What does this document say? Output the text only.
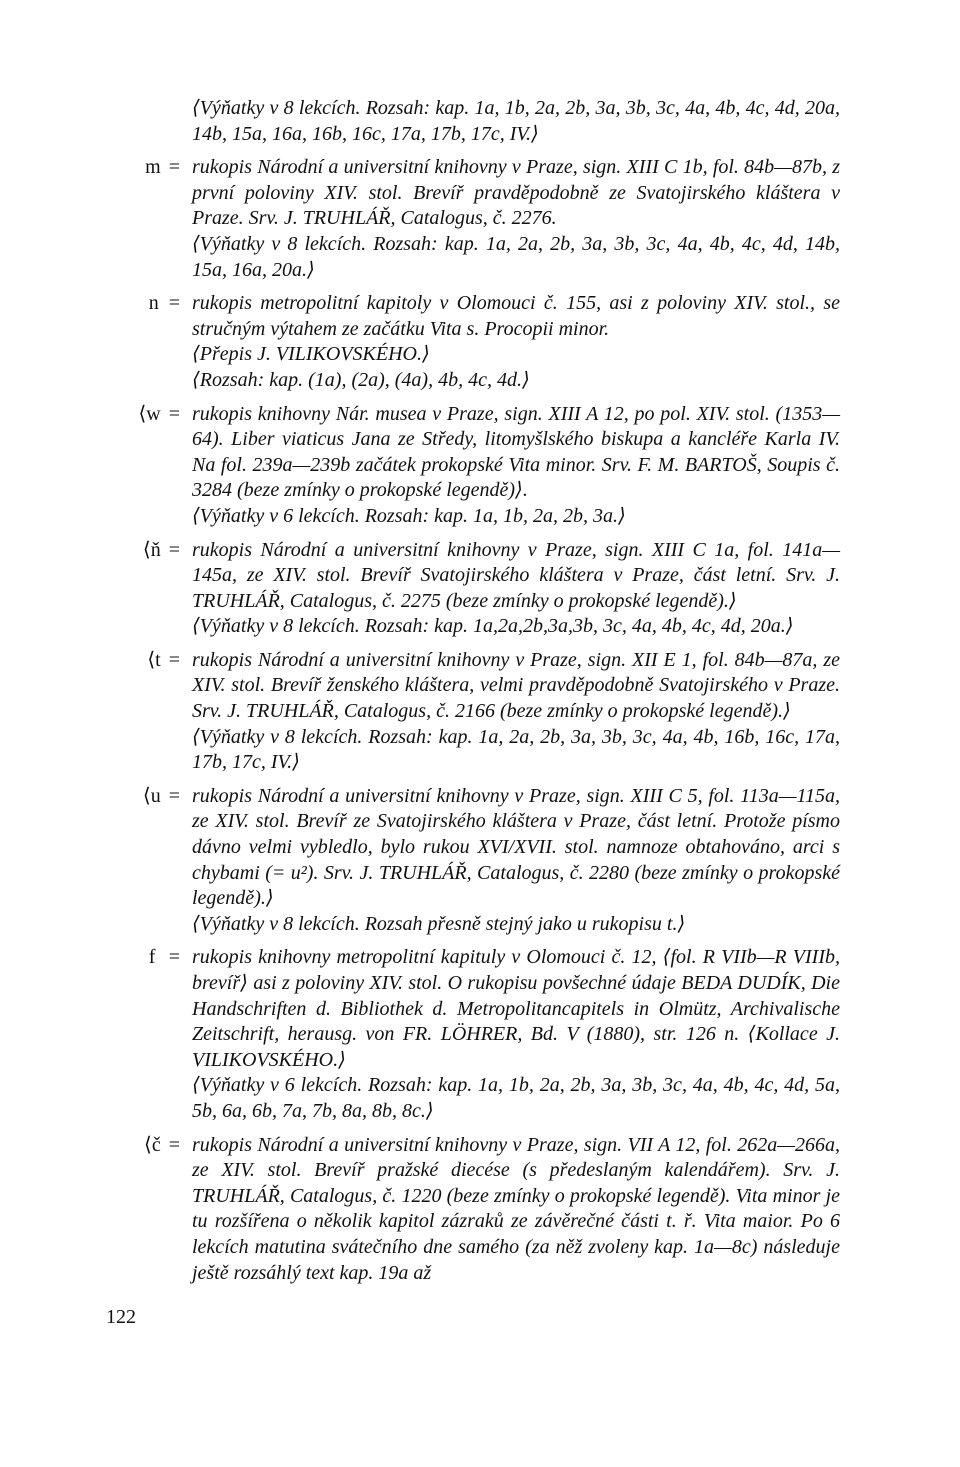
⟨Výňatky v 8 lekcích. Rozsah: kap. 1a, 1b, 2a, 2b, 3a, 3b, 3c, 4a, 4b, 4c, 4d, 20a, 14b, 15a, 16a, 16b, 16c, 17a, 17b, 17c, IV.⟩

m = rukopis Národní a universitní knihovny v Praze, sign. XIII C 1b, fol. 84b—87b, z první poloviny XIV. stol. Brevíř pravděpodobně ze Svatojirského kláštera v Praze. Srv. J. TRUHLÁŘ, Catalogus, č. 2276.

⟨Výňatky v 8 lekcích. Rozsah: kap. 1a, 2a, 2b, 3a, 3b, 3c, 4a, 4b, 4c, 4d, 14b, 15a, 16a, 20a.⟩

n = rukopis metropolitní kapitoly v Olomouci č. 155, asi z poloviny XIV. stol., se stručným výtahem ze začátku Vita s. Procopii minor.

⟨Přepis J. VILIKOVSKÉHO.⟩

⟨Rozsah: kap. (1a), (2a), (4a), 4b, 4c, 4d.⟩

⟨w = rukopis knihovny Nár. musea v Praze, sign. XIII A 12, po pol. XIV. stol. (1353—64). Liber viaticus Jana ze Středy, litomyšlského biskupa a kancléře Karla IV. Na fol. 239a—239b začátek prokopské Vita minor. Srv. F. M. BARTOŠ, Soupis č. 3284 (beze zmínky o prokopské legendě)⟩.

⟨Výňatky v 6 lekcích. Rozsah: kap. 1a, 1b, 2a, 2b, 3a.⟩

⟨ň = rukopis Národní a universitní knihovny v Praze, sign. XIII C 1a, fol. 141a—145a, ze XIV. stol. Brevíř Svatojirského kláštera v Praze, část letní. Srv. J. TRUHLÁŘ, Catalogus, č. 2275 (beze zmínky o prokopské legendě).⟩

⟨Výňatky v 8 lekcích. Rozsah: kap. 1a,2a,2b,3a,3b, 3c, 4a, 4b, 4c, 4d, 20a.⟩

⟨t = rukopis Národní a universitní knihovny v Praze, sign. XII E 1, fol. 84b—87a, ze XIV. stol. Brevíř ženského kláštera, velmi pravděpodobně Svatojirského v Praze. Srv. J. TRUHLÁŘ, Catalogus, č. 2166 (beze zmínky o prokopské legendě).⟩

⟨Výňatky v 8 lekcích. Rozsah: kap. 1a, 2a, 2b, 3a, 3b, 3c, 4a, 4b, 16b, 16c, 17a, 17b, 17c, IV.⟩

⟨u = rukopis Národní a universitní knihovny v Praze, sign. XIII C 5, fol. 113a—115a, ze XIV. stol. Brevíř ze Svatojirského kláštera v Praze, část letní. Protože písmo dávno velmi vybledlo, bylo rukou XVI/XVII. stol. namnoze obtahováno, arci s chybami (= u²). Srv. J. TRUHLÁŘ, Catalogus, č. 2280 (beze zmínky o prokopské legendě).⟩

⟨Výňatky v 8 lekcích. Rozsah přesně stejný jako u rukopisu t.⟩

f = rukopis knihovny metropolitní kapituly v Olomouci č. 12, ⟨fol. R VIIb—R VIIIb, brevíř⟩ asi z poloviny XIV. stol. O rukopisu povšechné údaje BEDA DUDÍK, Die Handschriften d. Bibliothek d. Metropolitancapitels in Olmütz, Archivalische Zeitschrift, herausg. von FR. LÖHRER, Bd. V (1880), str. 126 n. ⟨Kollace J. VILIKOVSKÉHO.⟩

⟨Výňatky v 6 lekcích. Rozsah: kap. 1a, 1b, 2a, 2b, 3a, 3b, 3c, 4a, 4b, 4c, 4d, 5a, 5b, 6a, 6b, 7a, 7b, 8a, 8b, 8c.⟩

⟨č = rukopis Národní a universitní knihovny v Praze, sign. VII A 12, fol. 262a—266a, ze XIV. stol. Brevíř pražské diecése (s předeslaným kalendářem). Srv. J. TRUHLÁŘ, Catalogus, č. 1220 (beze zmínky o prokopské legendě). Vita minor je tu rozšířena o několik kapitol zázraků ze závěrečné části t. ř. Vita maior. Po 6 lekcích matutina svátečního dne samého (za něž zvoleny kap. 1a—8c) následuje ještě rozsáhlý text kap. 19a až

122
